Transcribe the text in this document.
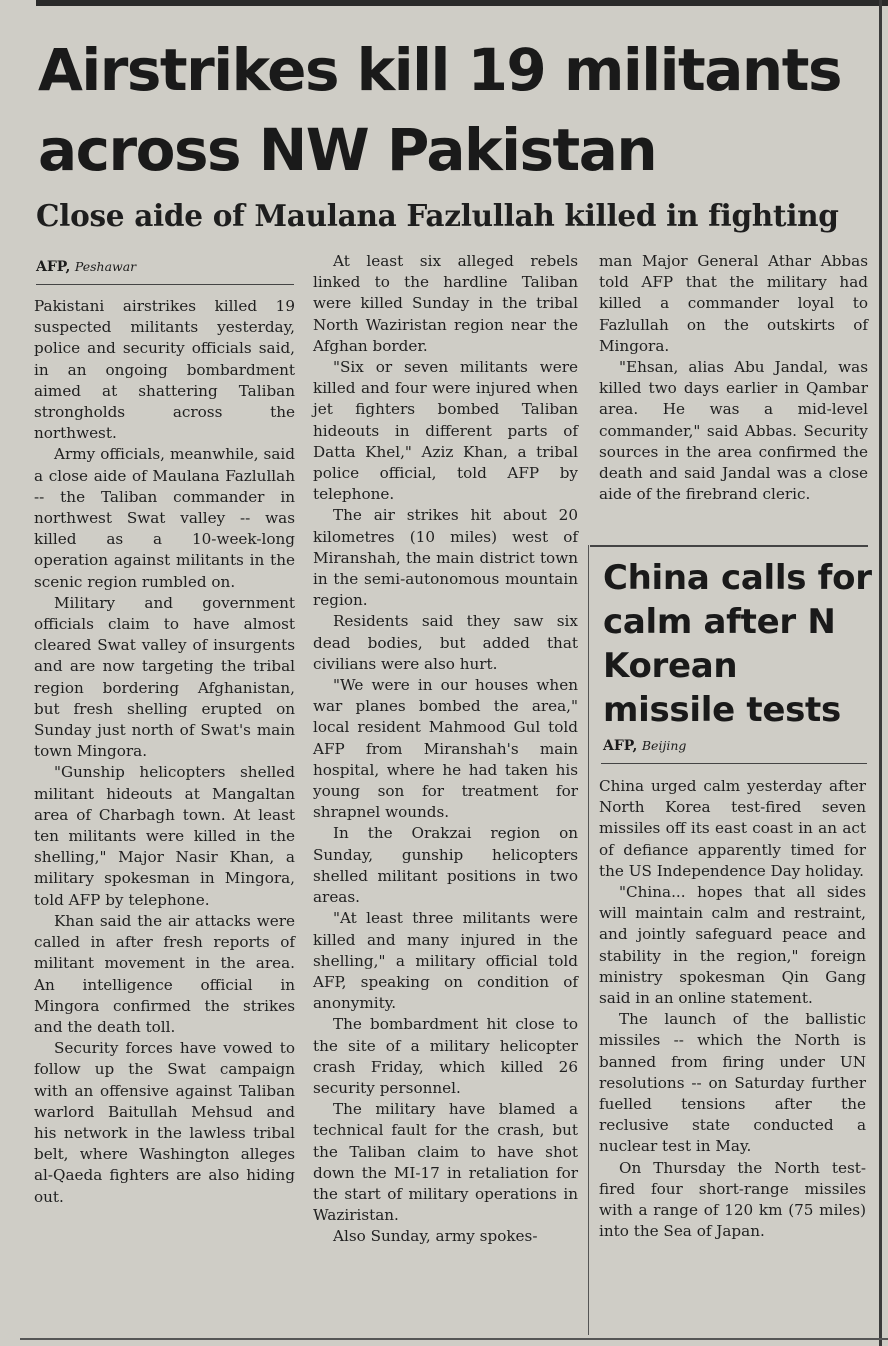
Airstrikes kill 19 militants across NW Pakistan
Close aide of Maulana Fazlullah killed in fighting
AFP, Peshawar

Pakistani airstrikes killed 19 suspected militants yesterday, police and security officials said, in an ongoing bombardment aimed at shattering Taliban strongholds across the northwest.

Army officials, meanwhile, said a close aide of Maulana Fazlullah -- the Taliban commander in northwest Swat valley -- was killed as a 10-week-long operation against militants in the scenic region rumbled on.

Military and government officials claim to have almost cleared Swat valley of insurgents and are now targeting the tribal region bordering Afghanistan, but fresh shelling erupted on Sunday just north of Swat's main town Mingora.

"Gunship helicopters shelled militant hideouts at Mangaltan area of Charbagh town. At least ten militants were killed in the shelling," Major Nasir Khan, a military spokesman in Mingora, told AFP by telephone.

Khan said the air attacks were called in after fresh reports of militant movement in the area. An intelligence official in Mingora confirmed the strikes and the death toll.

Security forces have vowed to follow up the Swat campaign with an offensive against Taliban warlord Baitullah Mehsud and his network in the lawless tribal belt, where Washington alleges al-Qaeda fighters are also hiding out.

At least six alleged rebels linked to the hardline Taliban were killed Sunday in the tribal North Waziristan region near the Afghan border.

"Six or seven militants were killed and four were injured when jet fighters bombed Taliban hideouts in different parts of Datta Khel," Aziz Khan, a tribal police official, told AFP by telephone.

The air strikes hit about 20 kilometres (10 miles) west of Miranshah, the main district town in the semi-autonomous mountain region.

Residents said they saw six dead bodies, but added that civilians were also hurt.

"We were in our houses when war planes bombed the area," local resident Mahmood Gul told AFP from Miranshah's main hospital, where he had taken his young son for treatment for shrapnel wounds.

In the Orakzai region on Sunday, gunship helicopters shelled militant positions in two areas.

"At least three militants were killed and many injured in the shelling," a military official told AFP, speaking on condition of anonymity.

The bombardment hit close to the site of a military helicopter crash Friday, which killed 26 security personnel.

The military have blamed a technical fault for the crash, but the Taliban claim to have shot down the MI-17 in retaliation for the start of military operations in Waziristan.

Also Sunday, army spokes-

man Major General Athar Abbas told AFP that the military had killed a commander loyal to Fazlullah on the outskirts of Mingora.

"Ehsan, alias Abu Jandal, was killed two days earlier in Qambar area. He was a mid-level commander," said Abbas. Security sources in the area confirmed the death and said Jandal was a close aide of the firebrand cleric.

China calls for calm after N Korean missile tests
AFP, Beijing

China urged calm yesterday after North Korea test-fired seven missiles off its east coast in an act of defiance apparently timed for the US Independence Day holiday.

"China... hopes that all sides will maintain calm and restraint, and jointly safeguard peace and stability in the region," foreign ministry spokesman Qin Gang said in an online statement.

The launch of the ballistic missiles -- which the North is banned from firing under UN resolutions -- on Saturday further fuelled tensions after the reclusive state conducted a nuclear test in May.

On Thursday the North test-fired four short-range missiles with a range of 120 km (75 miles) into the Sea of Japan.
